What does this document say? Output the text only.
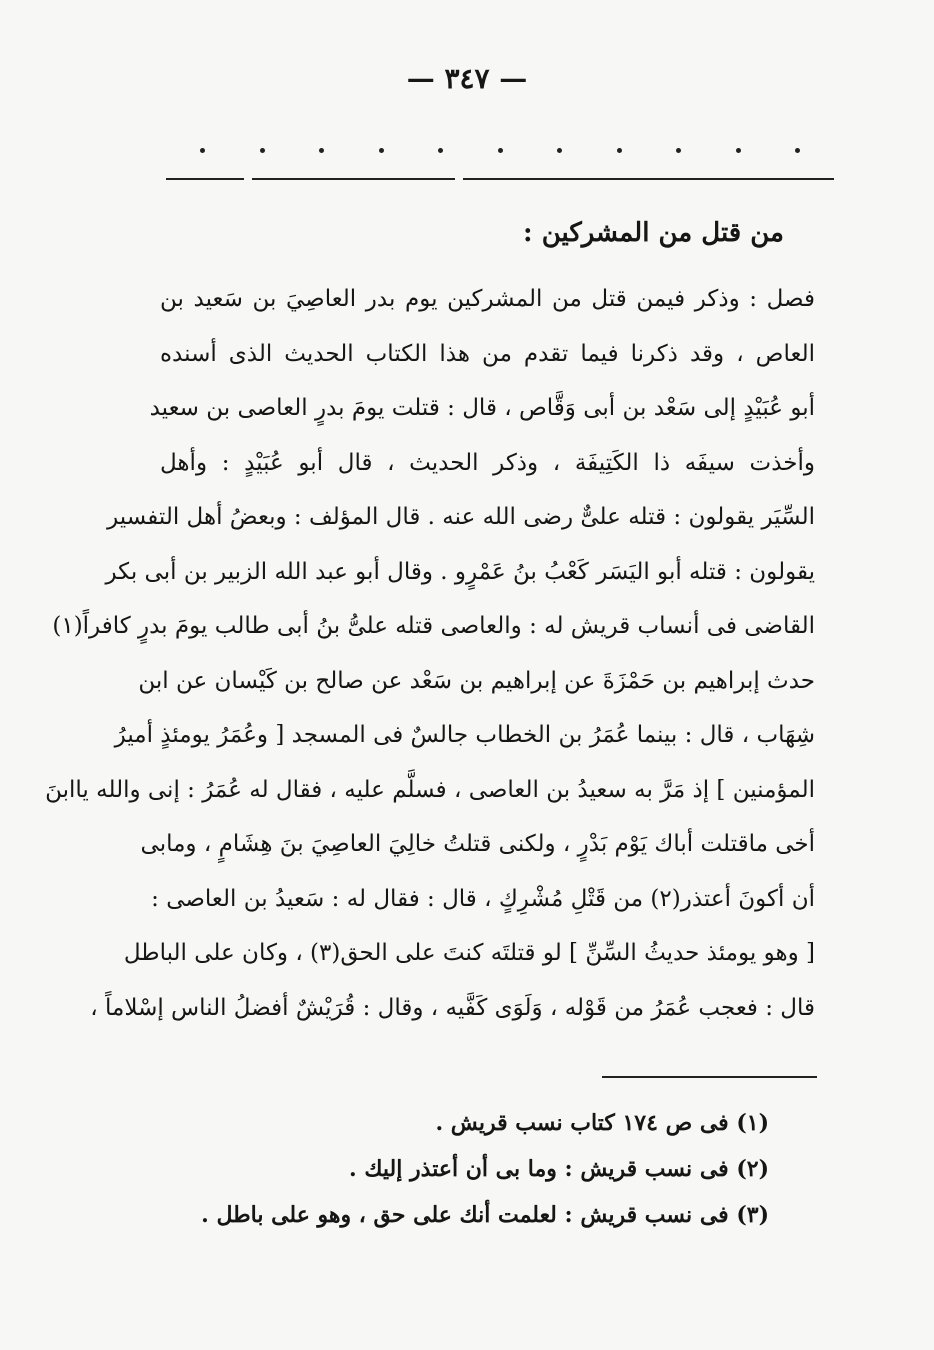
— ٣٤٧ —
من قتل من المشركين :
فصل : وذكر فيمن قتل من المشركين يوم بدر العاصِيَ بن سَعيد بن
العاص ، وقد ذكرنا فيما تقدم من هذا الكتاب الحديث الذى أسنده
أبو عُبَيْدٍ إلى سَعْد بن أبى وَقَّاص ، قال : قتلت يومَ بدرٍ العاصى بن سعيد
وأخذت سيفَه ذا الكَتِيفَة ، وذكر الحديث ، قال أبو عُبَيْدٍ : وأهل
السِّيَر يقولون : قتله علىٌّ رضى الله عنه . قال المؤلف : وبعضُ أهل التفسير
يقولون : قتله أبو اليَسَر كَعْبُ بنُ عَمْرٍو . وقال أبو عبد الله الزبير بن أبى بكر
القاضى فى أنساب قريش له : والعاصى قتله علىُّ بنُ أبى طالب يومَ بدرٍ كافراً(١)
حدث إبراهيم بن حَمْزَةَ عن إبراهيم بن سَعْد عن صالح بن كَيْسان عن ابن
شِهَاب ، قال : بينما عُمَرُ بن الخطاب جالسٌ فى المسجد [ وعُمَرُ يومئذٍ أميرُ
المؤمنين ] إذ مَرَّ به سعيدُ بن العاصى ، فسلَّم عليه ، فقال له عُمَرُ : إنى والله ياابنَ
أخى ماقتلت أباك يَوْم بَدْرٍ ، ولكنى قتلتُ خالِيَ العاصِيَ بنَ هِشَامٍ ، ومابى
أن أكونَ أعتذر(٢) من قَتْلِ مُشْرِكٍ ، قال : فقال له : سَعيدُ بن العاصى :
[ وهو يومئذ حديثُ السِّنِّ ] لو قتلتَه كنتَ على الحق(٣) ، وكان على الباطل
قال : فعجب عُمَرُ من قَوْله ، وَلَوَى كَفَّيه ، وقال : قُرَيْشٌ أفضلُ الناس إسْلاماً ،
(١) فى ص ١٧٤ كتاب نسب قريش .
(٢) فى نسب قريش : وما بى أن أعتذر إليك .
(٣) فى نسب قريش : لعلمت أنك على حق ، وهو على باطل .
